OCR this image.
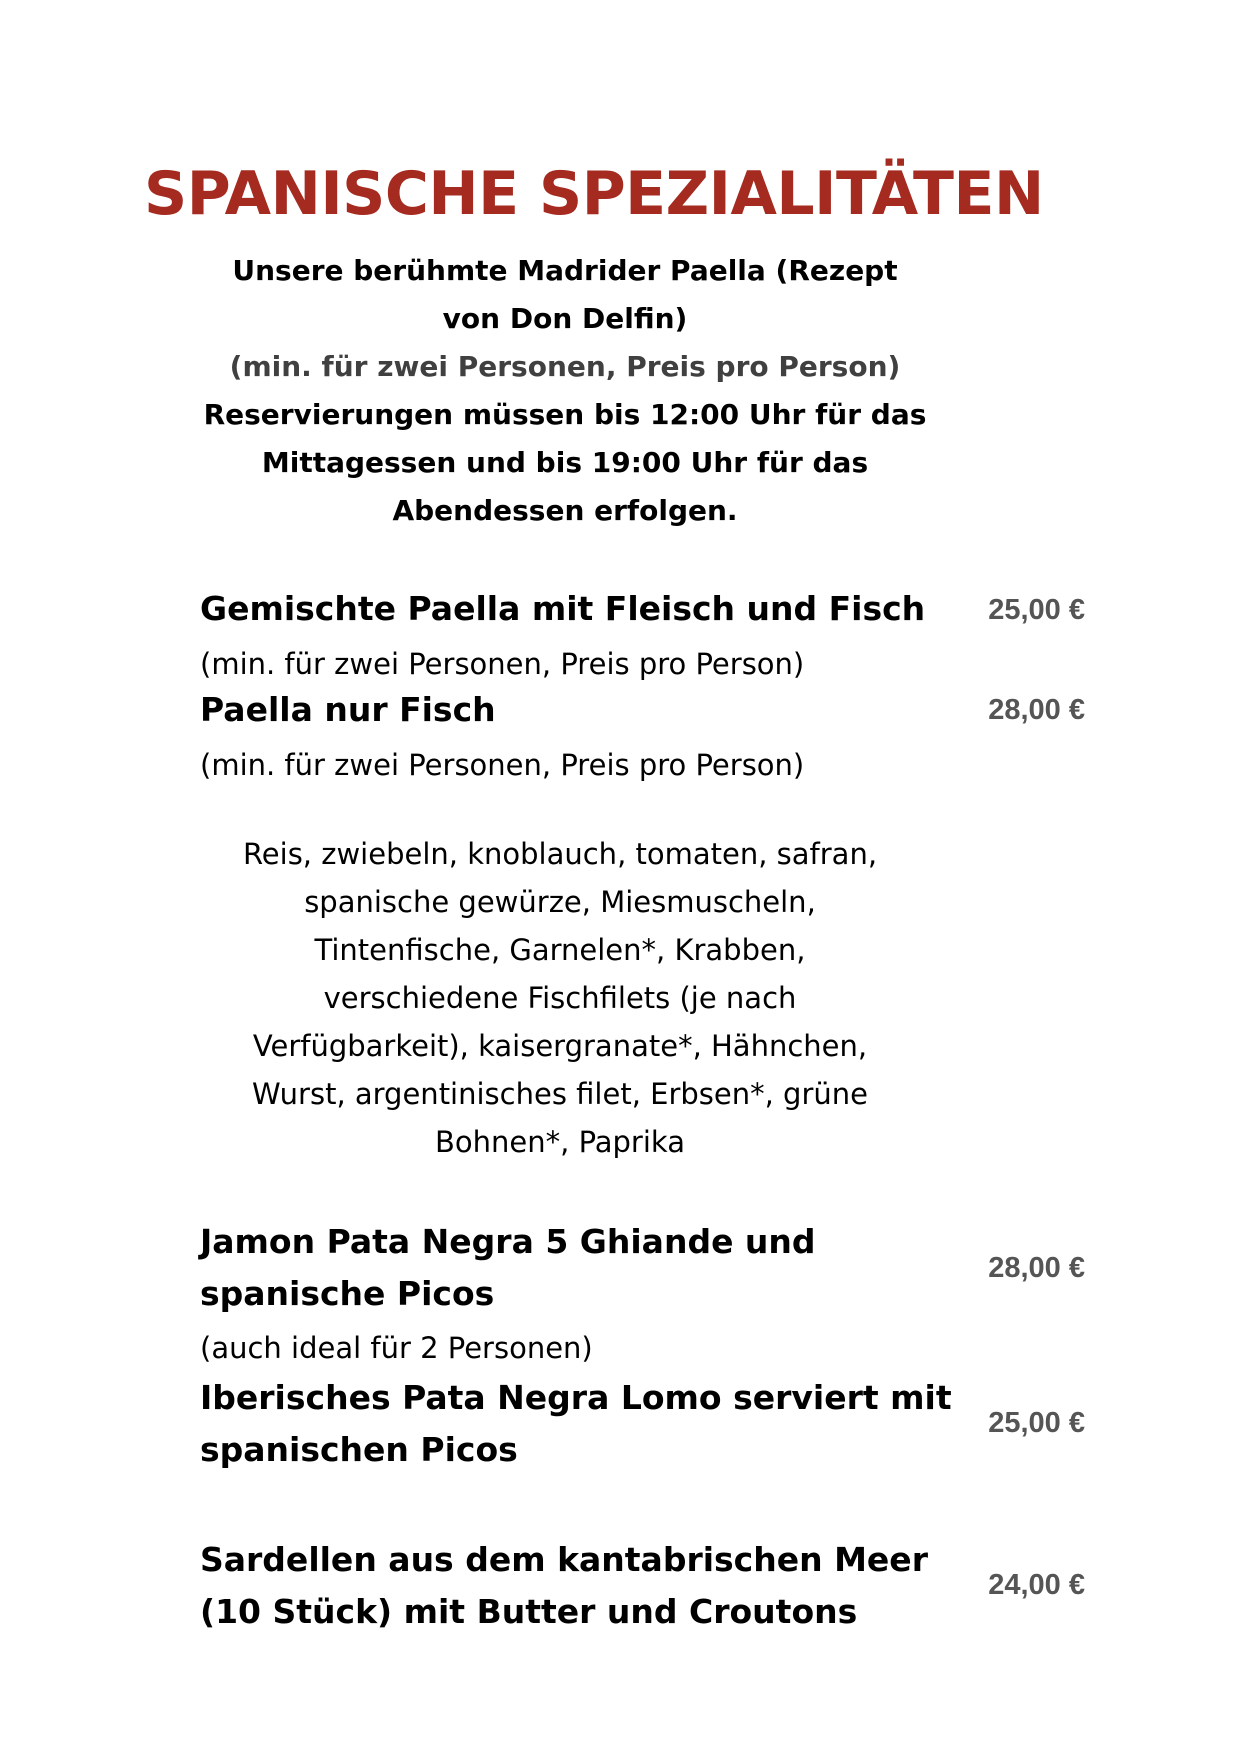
SPANISCHE SPEZIALITÄTEN
Unsere berühmte Madrider Paella (Rezept
von Don Delfin)
(min. für zwei Personen, Preis pro Person)
Reservierungen müssen bis 12:00 Uhr für das
Mittagessen und bis 19:00 Uhr für das
Abendessen erfolgen.
Gemischte Paella mit Fleisch und Fisch 25,00 €
(min. für zwei Personen, Preis pro Person)
Paella nur Fisch	28,00 €
(min. für zwei Personen, Preis pro Person)
Reis, zwiebeln, knoblauch, tomaten, safran,
spanische gewürze, Miesmuscheln,
Tintenfische, Garnelen*, Krabben,
verschiedene Fischfilets (je nach
Verfügbarkeit), kaisergranate*, Hähnchen,
Wurst, argentinisches filet, Erbsen*, grüne
Bohnen*, Paprika
Jamon Pata Negra 5 Ghiande und
spanische Picos
28,00 €
(auch ideal für 2 Personen)
Iberisches Pata Negra Lomo serviert mit
spanischen Picos
25,00 €
Sardellen aus dem kantabrischen Meer
(10 Stück) mit Butter und Croutons
24,00 €
